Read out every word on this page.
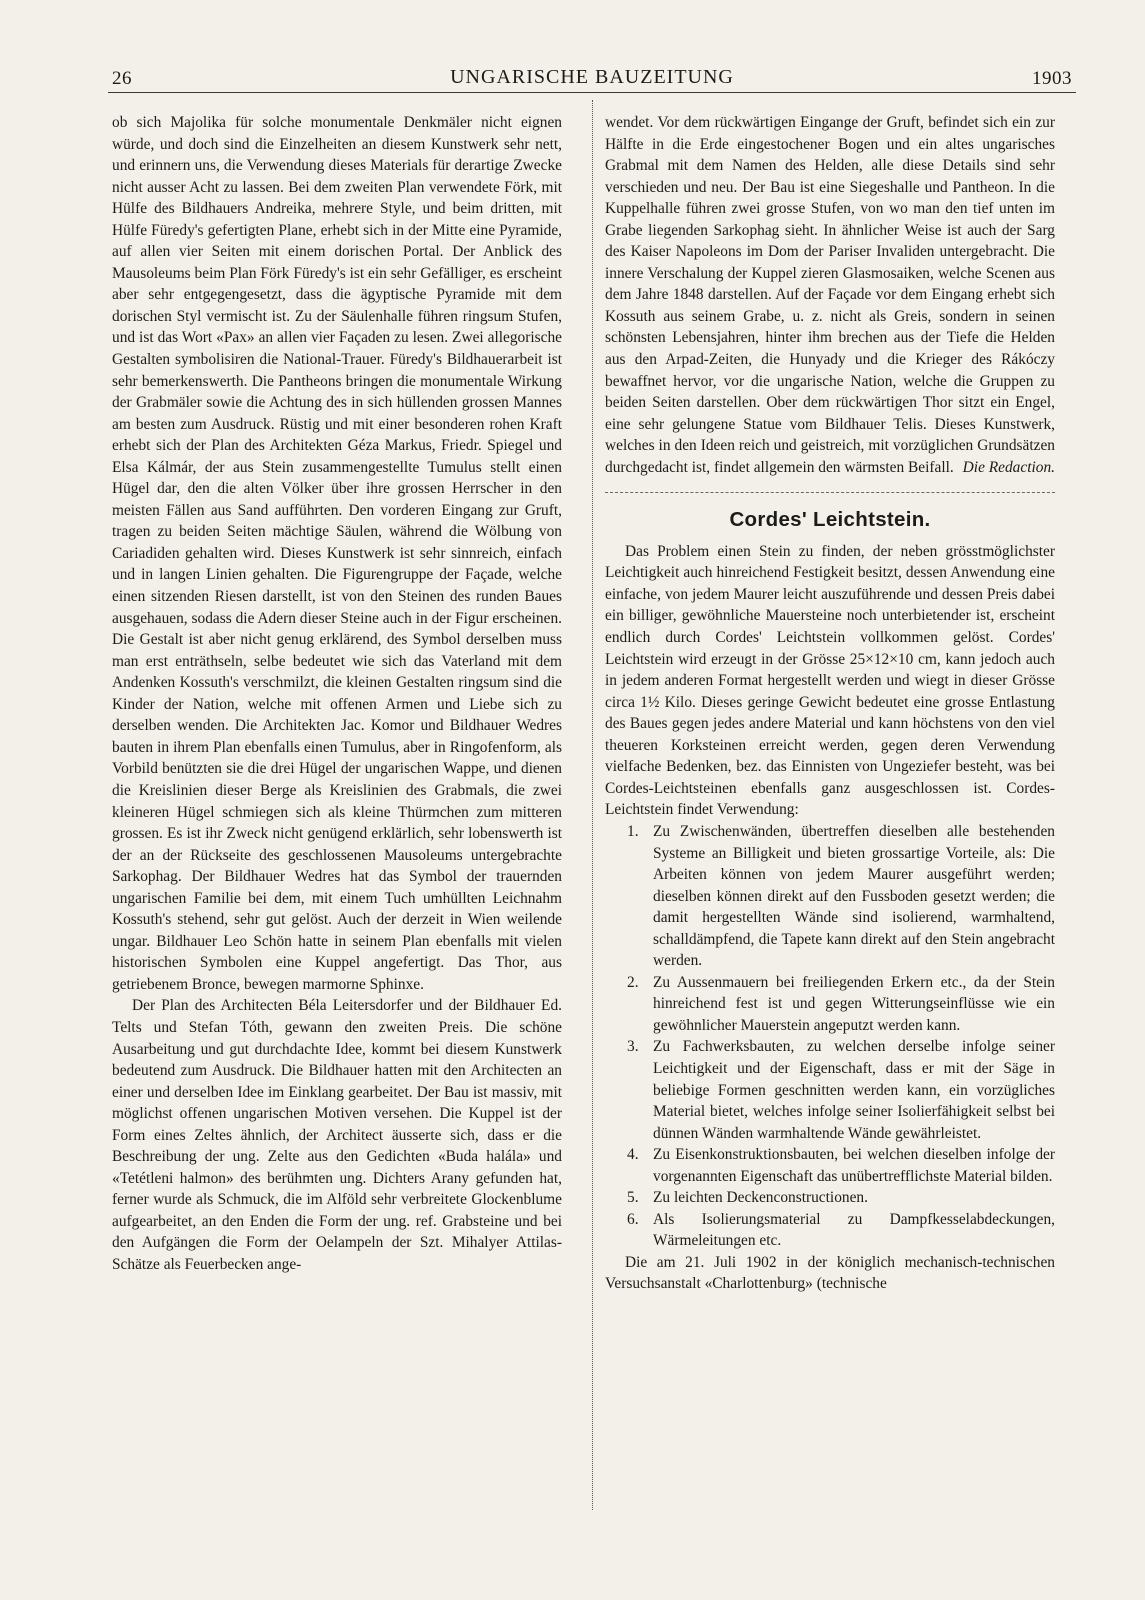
26	UNGARISCHE BAUZEITUNG	1903

ob sich Majolika für solche monumentale Denkmäler nicht eignen würde, und doch sind die Einzelheiten an diesem Kunstwerk sehr nett, und erinnern uns, die Verwendung dieses Materials für derartige Zwecke nicht ausser Acht zu lassen. Bei dem zweiten Plan verwendete Förk, mit Hülfe des Bildhauers Andreika, mehrere Style, und beim dritten, mit Hülfe Füredy's gefertigten Plane, erhebt sich in der Mitte eine Pyramide, auf allen vier Seiten mit einem dorischen Portal. Der Anblick des Mausoleums beim Plan Förk Füredy's ist ein sehr Gefälliger, es erscheint aber sehr entgegengesetzt, dass die ägyptische Pyramide mit dem dorischen Styl vermischt ist. Zu der Säulenhalle führen ringsum Stufen, und ist das Wort «Pax» an allen vier Façaden zu lesen. Zwei allegorische Gestalten symbolisiren die National-Trauer. Füredy's Bildhauerarbeit ist sehr bemerkenswerth. Die Pantheons bringen die monumentale Wirkung der Grabmäler sowie die Achtung des in sich hüllenden grossen Mannes am besten zum Ausdruck. Rüstig und mit einer besonderen rohen Kraft erhebt sich der Plan des Architekten Géza Markus, Friedr. Spiegel und Elsa Kálmár, der aus Stein zusammengestellte Tumulus stellt einen Hügel dar, den die alten Völker über ihre grossen Herrscher in den meisten Fällen aus Sand aufführten. Den vorderen Eingang zur Gruft, tragen zu beiden Seiten mächtige Säulen, während die Wölbung von Cariadiden gehalten wird. Dieses Kunstwerk ist sehr sinnreich, einfach und in langen Linien gehalten. Die Figurengruppe der Façade, welche einen sitzenden Riesen darstellt, ist von den Steinen des runden Baues ausgehauen, sodass die Adern dieser Steine auch in der Figur erscheinen. Die Gestalt ist aber nicht genug erklärend, des Symbol derselben muss man erst enträthseln, selbe bedeutet wie sich das Vaterland mit dem Andenken Kossuth's verschmilzt, die kleinen Gestalten ringsum sind die Kinder der Nation, welche mit offenen Armen und Liebe sich zu derselben wenden. Die Architekten Jac. Komor und Bildhauer Wedres bauten in ihrem Plan ebenfalls einen Tumulus, aber in Ringofenform, als Vorbild benützten sie die drei Hügel der ungarischen Wappe, und dienen die Kreislinien dieser Berge als Kreislinien des Grabmals, die zwei kleineren Hügel schmiegen sich als kleine Thürmchen zum mitteren grossen. Es ist ihr Zweck nicht genügend erklärlich, sehr lobenswerth ist der an der Rückseite des geschlossenen Mausoleums untergebrachte Sarkophag. Der Bildhauer Wedres hat das Symbol der trauernden ungarischen Familie bei dem, mit einem Tuch umhüllten Leichnahm Kossuth's stehend, sehr gut gelöst. Auch der derzeit in Wien weilende ungar. Bildhauer Leo Schön hatte in seinem Plan ebenfalls mit vielen historischen Symbolen eine Kuppel angefertigt. Das Thor, aus getriebenem Bronce, bewegen marmorne Sphinxe.

Der Plan des Architecten Béla Leitersdorfer und der Bildhauer Ed. Telts und Stefan Tóth, gewann den zweiten Preis. Die schöne Ausarbeitung und gut durchdachte Idee, kommt bei diesem Kunstwerk bedeutend zum Ausdruck. Die Bildhauer hatten mit den Architecten an einer und derselben Idee im Einklang gearbeitet. Der Bau ist massiv, mit möglichst offenen ungarischen Motiven versehen. Die Kuppel ist der Form eines Zeltes ähnlich, der Architect äusserte sich, dass er die Beschreibung der ung. Zelte aus den Gedichten «Buda halála» und «Tetétleni halmon» des berühmten ung. Dichters Arany gefunden hat, ferner wurde als Schmuck, die im Alföld sehr verbreitete Glockenblume aufgearbeitet, an den Enden die Form der ung. ref. Grabsteine und bei den Aufgängen die Form der Oelampeln der Szt. Mihalyer Attilas-Schätze als Feuerbecken ange-

wendet. Vor dem rückwärtigen Eingange der Gruft, befindet sich ein zur Hälfte in die Erde eingestochener Bogen und ein altes ungarisches Grabmal mit dem Namen des Helden, alle diese Details sind sehr verschieden und neu. Der Bau ist eine Siegeshalle und Pantheon. In die Kuppelhalle führen zwei grosse Stufen, von wo man den tief unten im Grabe liegenden Sarkophag sieht. In ähnlicher Weise ist auch der Sarg des Kaiser Napoleons im Dom der Pariser Invaliden untergebracht. Die innere Verschalung der Kuppel zieren Glasmosaiken, welche Scenen aus dem Jahre 1848 darstellen. Auf der Façade vor dem Eingang erhebt sich Kossuth aus seinem Grabe, u. z. nicht als Greis, sondern in seinen schönsten Lebensjahren, hinter ihm brechen aus der Tiefe die Helden aus den Arpad-Zeiten, die Hunyady und die Krieger des Rákóczy bewaffnet hervor, vor die ungarische Nation, welche die Gruppen zu beiden Seiten darstellen. Ober dem rückwärtigen Thor sitzt ein Engel, eine sehr gelungene Statue vom Bildhauer Telis. Dieses Kunstwerk, welches in den Ideen reich und geistreich, mit vorzüglichen Grundsätzen durchgedacht ist, findet allgemein den wärmsten Beifall. Die Redaction.
Cordes' Leichtstein.

Das Problem einen Stein zu finden, der neben grösstmöglichster Leichtigkeit auch hinreichend Festigkeit besitzt, dessen Anwendung eine einfache, von jedem Maurer leicht auszuführende und dessen Preis dabei ein billiger, gewöhnliche Mauersteine noch unterbietender ist, erscheint endlich durch Cordes' Leichtstein vollkommen gelöst. Cordes' Leichtstein wird erzeugt in der Grösse 25×12×10 cm, kann jedoch auch in jedem anderen Format hergestellt werden und wiegt in dieser Grösse circa 1½ Kilo. Dieses geringe Gewicht bedeutet eine grosse Entlastung des Baues gegen jedes andere Material und kann höchstens von den viel theueren Korksteinen erreicht werden, gegen deren Verwendung vielfache Bedenken, bez. das Einnisten von Ungeziefer besteht, was bei Cordes-Leichtsteinen ebenfalls ganz ausgeschlossen ist. Cordes-Leichtstein findet Verwendung:

1. Zu Zwischenwänden, übertreffen dieselben alle bestehenden Systeme an Billigkeit und bieten grossartige Vorteile, als: Die Arbeiten können von jedem Maurer ausgeführt werden; dieselben können direkt auf den Fussboden gesetzt werden; die damit hergestellten Wände sind isolierend, warmhaltend, schalldämpfend, die Tapete kann direkt auf den Stein angebracht werden.
2. Zu Aussenmauern bei freiliegenden Erkern etc., da der Stein hinreichend fest ist und gegen Witterungseinflüsse wie ein gewöhnlicher Mauerstein angeputzt werden kann.
3. Zu Fachwerksbauten, zu welchen derselbe infolge seiner Leichtigkeit und der Eigenschaft, dass er mit der Säge in beliebige Formen geschnitten werden kann, ein vorzügliches Material bietet, welches infolge seiner Isolierfähigkeit selbst bei dünnen Wänden warmhaltende Wände gewährleistet.
4. Zu Eisenkonstruktionsbauten, bei welchen dieselben infolge der vorgenannten Eigenschaft das unübertrefflichste Material bilden.
5. Zu leichten Deckenconstructionen.
6. Als Isolierungsmaterial zu Dampfkesselabdeckungen, Wärmeleitungen etc.

Die am 21. Juli 1902 in der königlich mechanisch-technischen Versuchsanstalt «Charlottenburg» (technische
